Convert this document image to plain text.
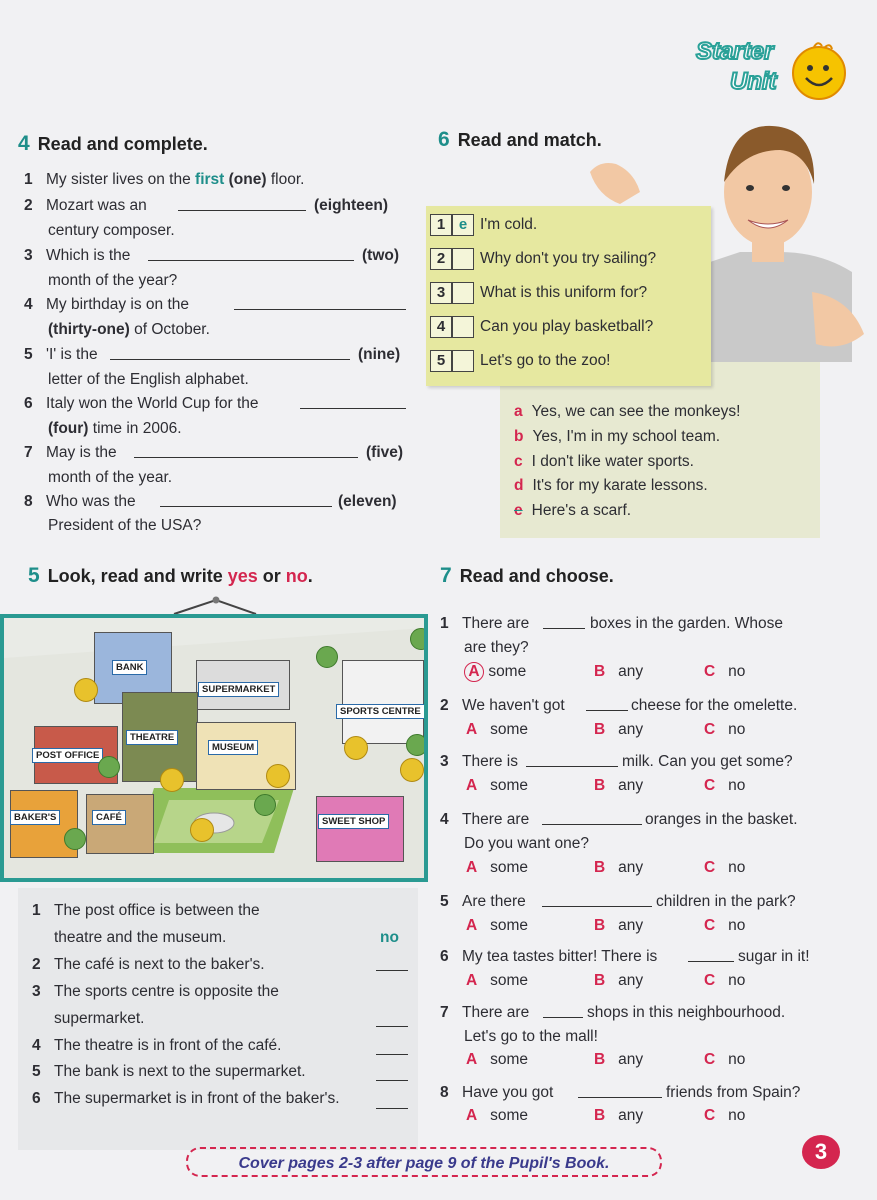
Starter
Unit
4 Read and complete.
1 My sister lives on the first (one) floor.
2 Mozart was an	(eighteen)
century composer.
3 Which is the	(two)
month of the year?
4 My birthday is on the
(thirty-one) of October.
5 'I' is the	(nine)
letter of the English alphabet.
6 Italy won the World Cup for the
(four) time in 2006.
7 May is the	(five)
month of the year.
8 Who was the	(eleven)
President of the USA?
6 Read and match.
1 e I'm cold.
2 Why don't you try sailing?
3 What is this uniform for?
4 Can you play basketball?
5 Let's go to the zoo!
a Yes, we can see the monkeys!
b Yes, I'm in my school team.
c I don't like water sports.
d It's for my karate lessons.
e Here's a scarf.
5 Look, read and write yes or no.
BANK
SUPERMARKET
SPORTS CENTRE
THEATRE
MUSEUM
POST OFFICE
BAKER'S	CAFÉ	SWEET SHOP
1 The post office is between the
theatre and the museum.	no
2 The café is next to the baker's.
3 The sports centre is opposite the
supermarket.
4 The theatre is in front of the café.
5 The bank is next to the supermarket.
6 The supermarket is in front of the baker's.
7 Read and choose.
1 There are	boxes in the garden. Whose
are they?
A some	B any	C no
2 We haven't got	cheese for the omelette.
A some	B any	C no
3 There is	milk. Can you get some?
A some	B any	C no
4 There are	oranges in the basket.
Do you want one?
A some	B any	C no
5 Are there	children in the park?
A some	B any	C no
6 My tea tastes bitter! There is	sugar in it!
A some	B any	C no
7 There are	shops in this neighbourhood.
Let's go to the mall!
A some	B any	C no
8 Have you got	friends from Spain?
A some	B any	C no
Cover pages 2-3 after page 9 of the Pupil's Book.	3
